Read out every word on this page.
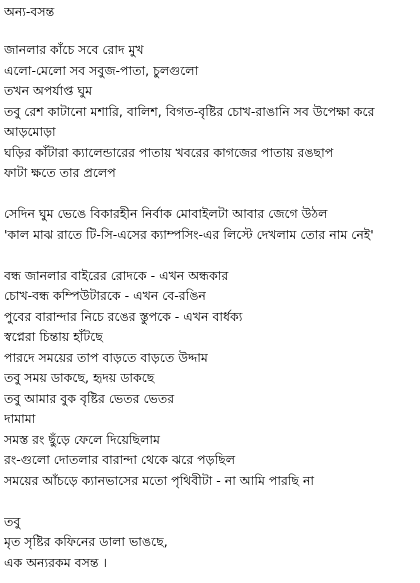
অন্য-বসন্ত
জানলার কাঁচে সবে রোদ মুখ
এলো-মেলো সব সবুজ-পাতা, চুলগুলো
তখন অপর্যাপ্ত ঘুম
তবু রেশ কাটানো মশারি, বালিশ, বিগত-বৃষ্টির চোখ-রাঙানি সব উপেক্ষা করে
আড়মোড়া
ঘড়ির কাঁটারা ক্যালেন্ডারের পাতায় খবরের কাগজের পাতায় রঙছাপ
ফাটা ক্ষতে তার প্রলেপ
সেদিন ঘুম ভেঙে বিকারহীন নির্বাক মোবাইলটা আবার জেগে উঠল
'কাল মাঝ রাতে টি-সি-এসের ক্যাম্পসিং-এর লিস্টে দেখলাম তোর নাম নেই'
বন্ধ জানলার বাইরের রোদকে - এখন অন্ধকার
চোখ-বন্ধ কম্পিউটারকে - এখন বে-রঙিন
পুবের বারান্দার নিচে রঙের স্তুপকে - এখন বার্ধক্য
স্বপ্নেরা চিন্তায় হাঁটছে
পারদে সময়ের তাপ বাড়তে বাড়তে উদ্দাম
তবু সময় ডাকছে, হৃদয় ডাকছে
তবু আমার বুক বৃষ্টির ভেতর ভেতর
দামামা
সমস্ত রং ছুঁড়ে ফেলে দিয়েছিলাম
রং-গুলো দোতলার বারান্দা থেকে ঝরে পড়ছিল
সময়ের আঁচড়ে ক্যানভাসের মতো পৃথিবীটা - না আমি পারছি না
তবু
মৃত সৃষ্টির কফিনের ডালা ভাঙছে,
এক অন্যরকম বসন্ত ।
